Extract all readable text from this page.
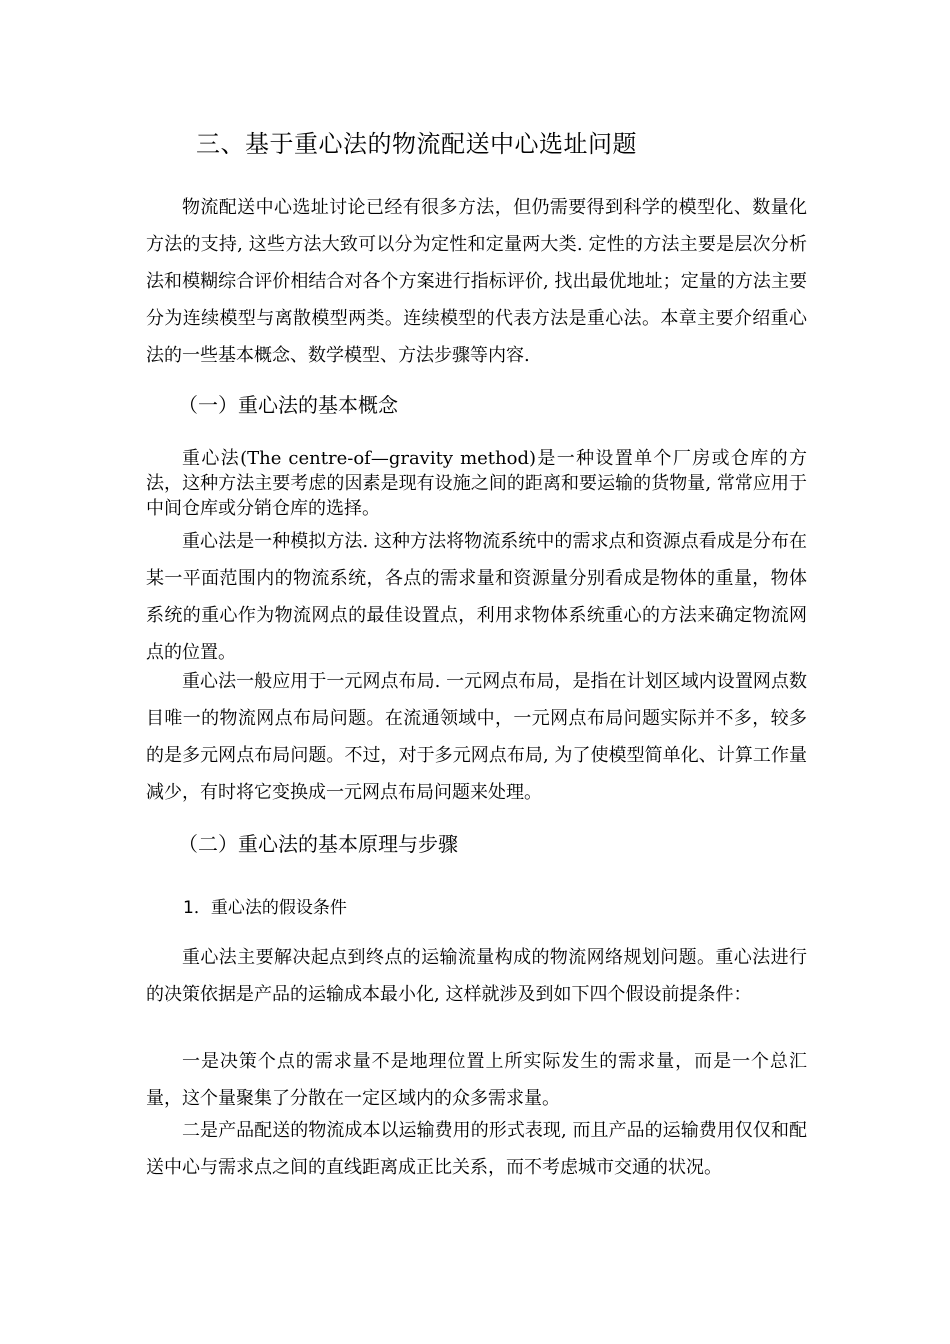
三、基于重心法的物流配送中心选址问题

物流配送中心选址讨论已经有很多方法，但仍需要得到科学的模型化、数量化方法的支持, 这些方法大致可以分为定性和定量两大类. 定性的方法主要是层次分析法和模糊综合评价相结合对各个方案进行指标评价, 找出最优地址；定量的方法主要分为连续模型与离散模型两类。连续模型的代表方法是重心法。本章主要介绍重心法的一些基本概念、数学模型、方法步骤等内容.

（一）重心法的基本概念

重心法(The centre-of—gravity method)是一种设置单个厂房或仓库的方法，这种方法主要考虑的因素是现有设施之间的距离和要运输的货物量, 常常应用于中间仓库或分销仓库的选择。

重心法是一种模拟方法. 这种方法将物流系统中的需求点和资源点看成是分布在某一平面范围内的物流系统，各点的需求量和资源量分别看成是物体的重量，物体系统的重心作为物流网点的最佳设置点，利用求物体系统重心的方法来确定物流网点的位置。

重心法一般应用于一元网点布局. 一元网点布局，是指在计划区域内设置网点数目唯一的物流网点布局问题。在流通领域中，一元网点布局问题实际并不多，较多的是多元网点布局问题。不过，对于多元网点布局, 为了使模型简单化、计算工作量减少，有时将它变换成一元网点布局问题来处理。

（二）重心法的基本原理与步骤
1．重心法的假设条件

重心法主要解决起点到终点的运输流量构成的物流网络规划问题。重心法进行的决策依据是产品的运输成本最小化, 这样就涉及到如下四个假设前提条件：

一是决策个点的需求量不是地理位置上所实际发生的需求量，而是一个总汇量，这个量聚集了分散在一定区域内的众多需求量。

二是产品配送的物流成本以运输费用的形式表现, 而且产品的运输费用仅仅和配送中心与需求点之间的直线距离成正比关系，而不考虑城市交通的状况。
